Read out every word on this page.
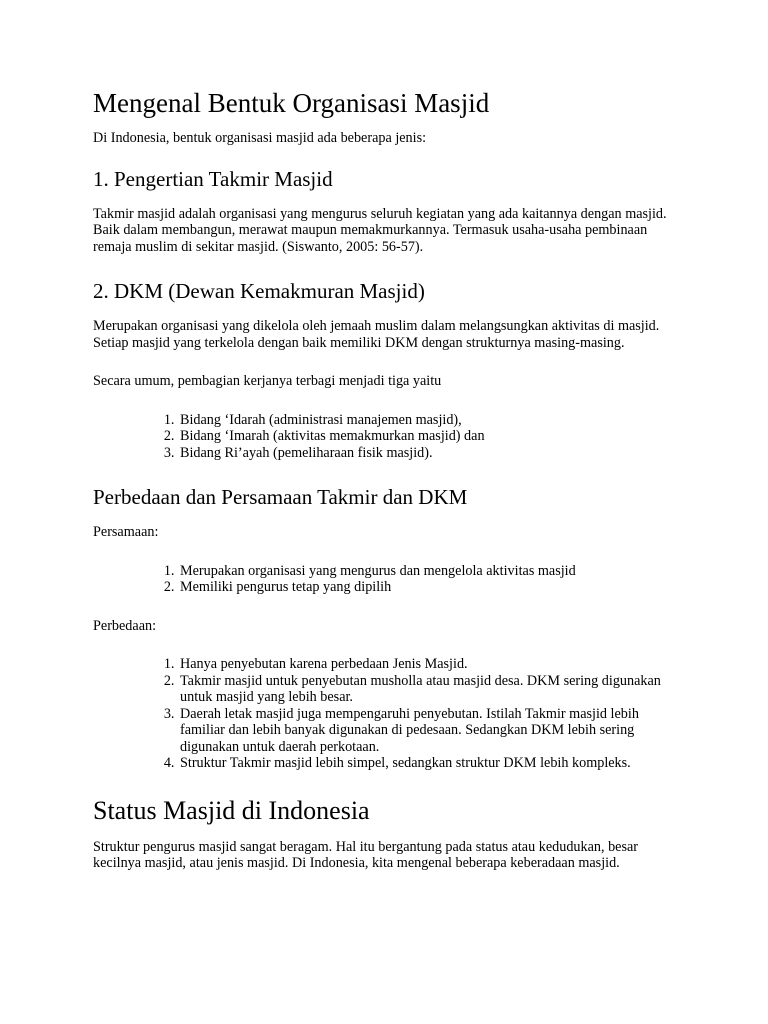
Mengenal Bentuk Organisasi Masjid

Di Indonesia, bentuk organisasi masjid ada beberapa jenis:

1. Pengertian Takmir Masjid

Takmir masjid adalah organisasi yang mengurus seluruh kegiatan yang ada kaitannya dengan masjid. Baik dalam membangun, merawat maupun memakmurkannya. Termasuk usaha-usaha pembinaan remaja muslim di sekitar masjid. (Siswanto, 2005: 56-57).

2. DKM (Dewan Kemakmuran Masjid)

Merupakan organisasi yang dikelola oleh jemaah muslim dalam melangsungkan aktivitas di masjid. Setiap masjid yang terkelola dengan baik memiliki DKM dengan strukturnya masing-masing.

Secara umum, pembagian kerjanya terbagi menjadi tiga yaitu

1. Bidang ‘Idarah (administrasi manajemen masjid),
2. Bidang ‘Imarah (aktivitas memakmurkan masjid) dan
3. Bidang Ri’ayah (pemeliharaan fisik masjid).
Perbedaan dan Persamaan Takmir dan DKM

Persamaan:

1. Merupakan organisasi yang mengurus dan mengelola aktivitas masjid
2. Memiliki pengurus tetap yang dipilih

Perbedaan:

1. Hanya penyebutan karena perbedaan Jenis Masjid.
2. Takmir masjid untuk penyebutan musholla atau masjid desa. DKM sering digunakan untuk masjid yang lebih besar.
3. Daerah letak masjid juga mempengaruhi penyebutan. Istilah Takmir masjid lebih familiar dan lebih banyak digunakan di pedesaan. Sedangkan DKM lebih sering digunakan untuk daerah perkotaan.
4. Struktur Takmir masjid lebih simpel, sedangkan struktur DKM lebih kompleks.
Status Masjid di Indonesia

Struktur pengurus masjid sangat beragam. Hal itu bergantung pada status atau kedudukan, besar kecilnya masjid, atau jenis masjid. Di Indonesia, kita mengenal beberapa keberadaan masjid.
